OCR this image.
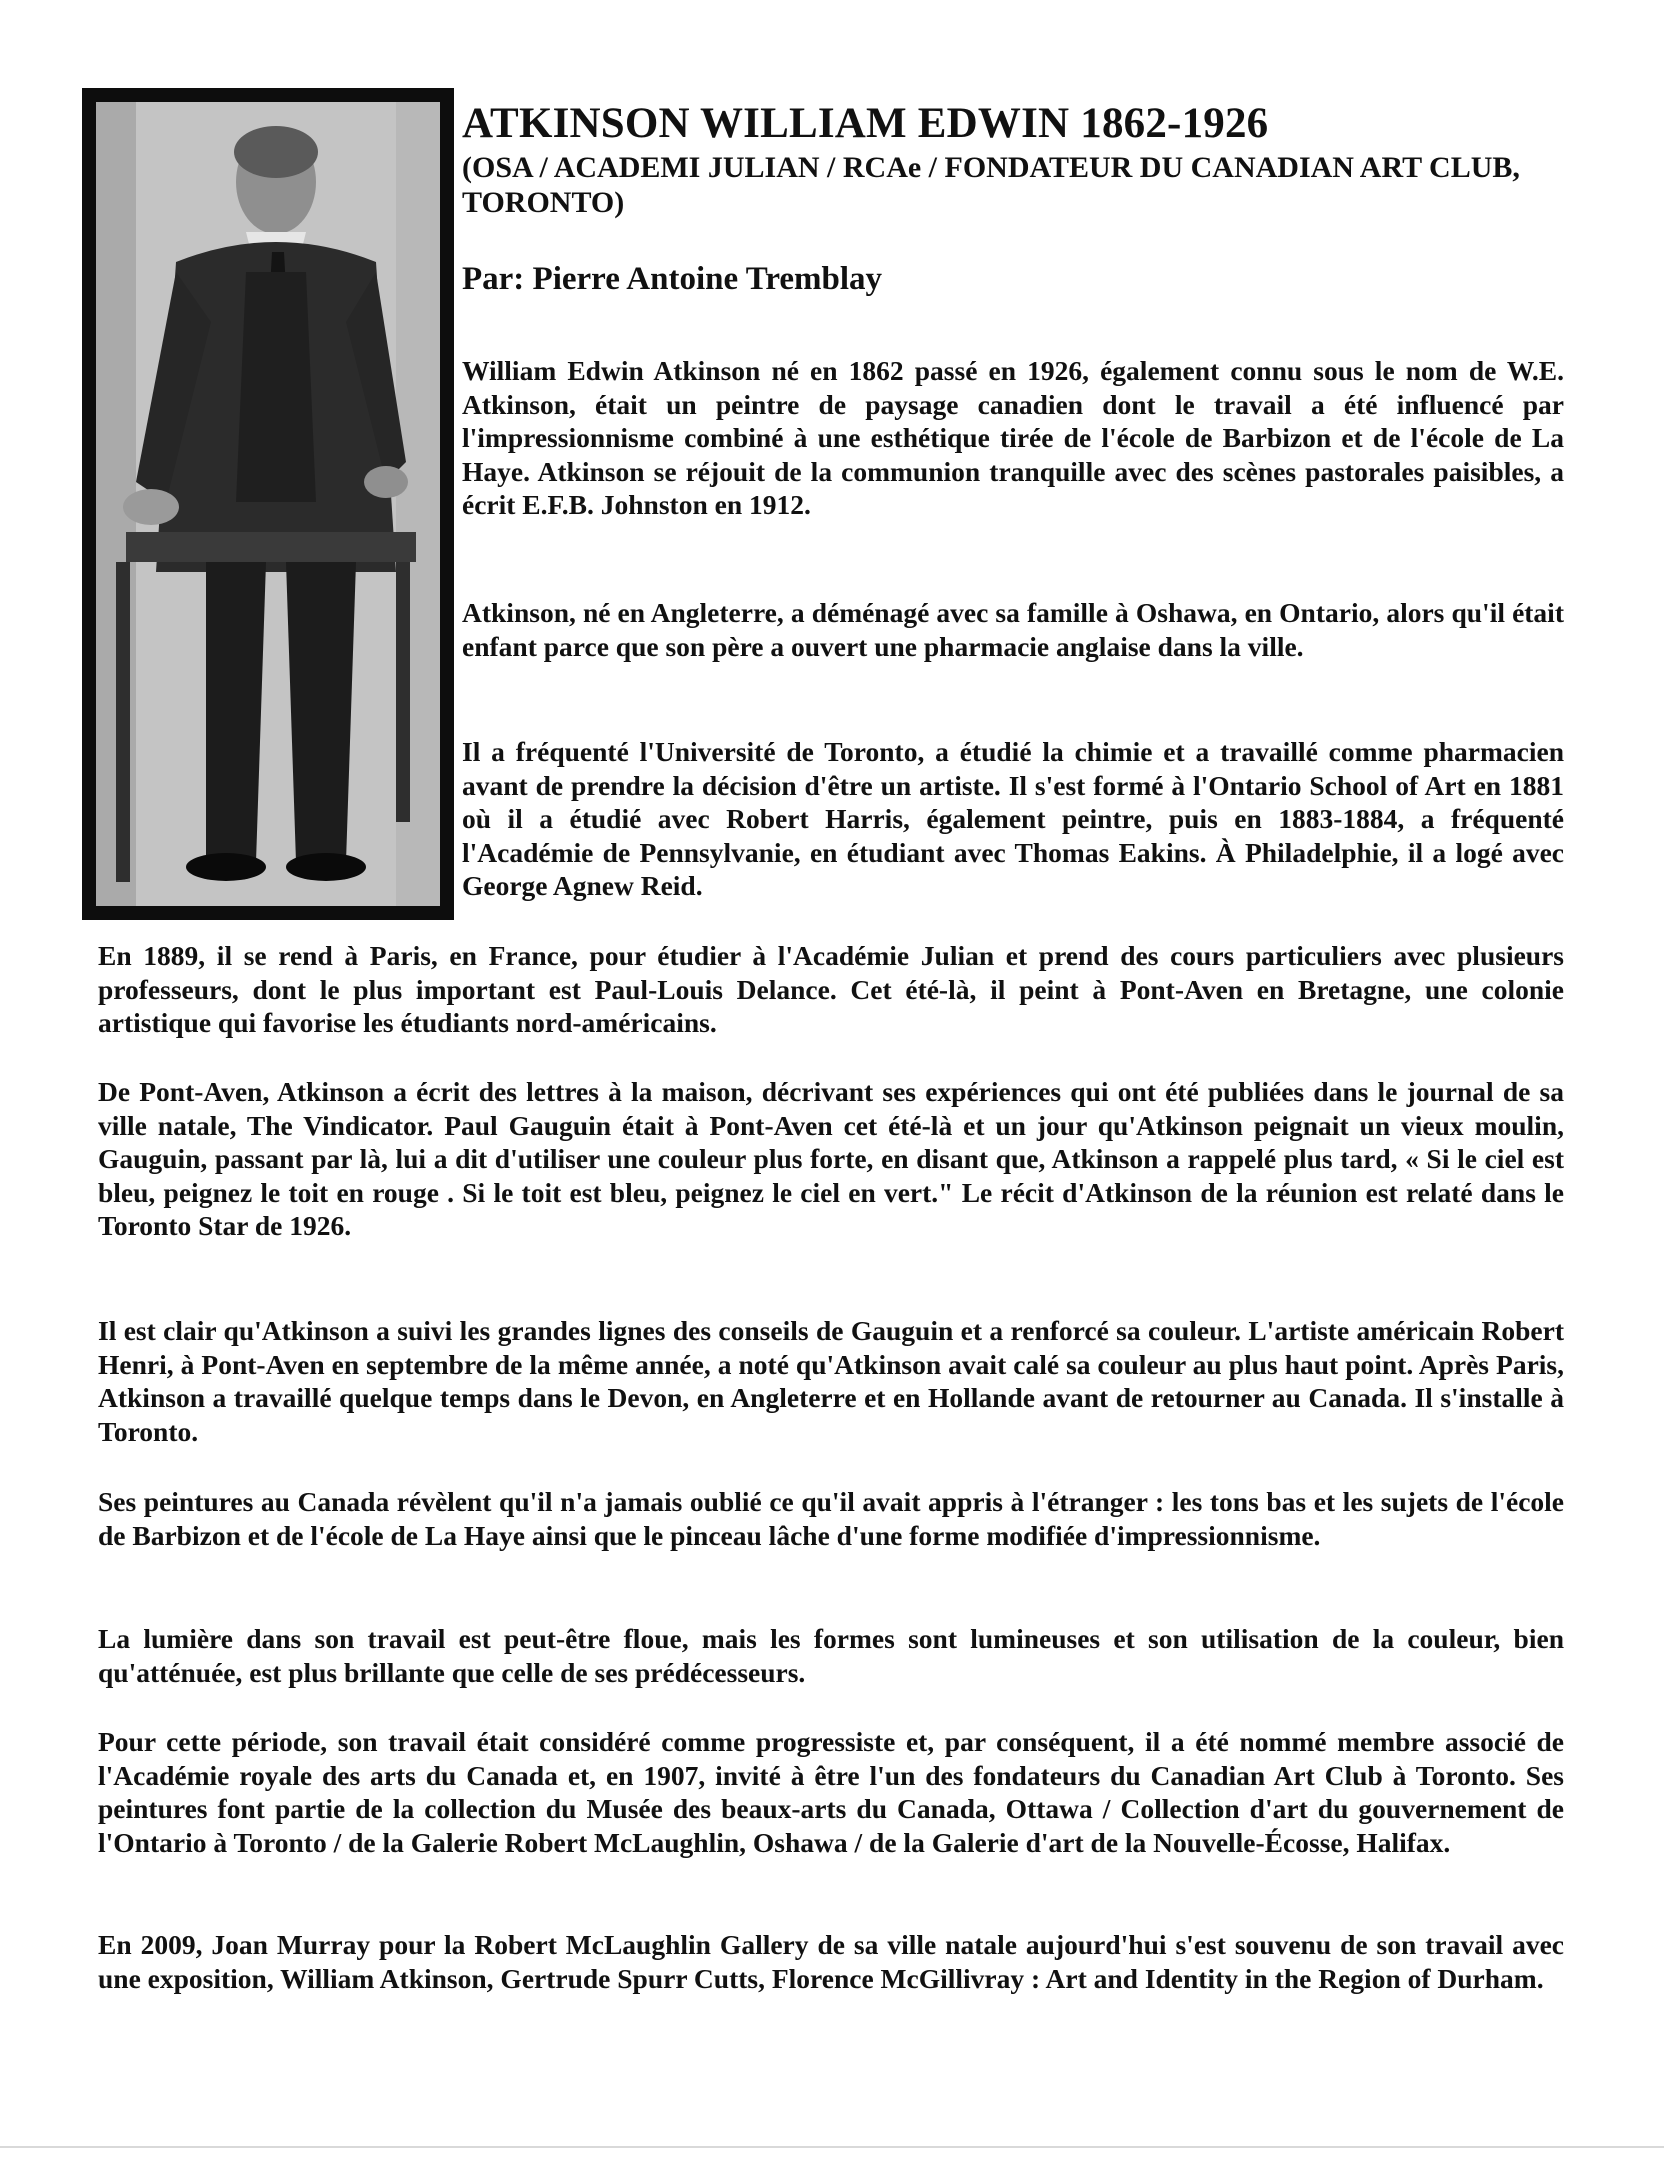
ATKINSON WILLIAM EDWIN 1862-1926

(OSA / ACADEMI JULIAN / RCAe / FONDATEUR DU CANADIAN ART CLUB, TORONTO)

Par: Pierre Antoine Tremblay

William Edwin Atkinson né en 1862 passé en 1926, également connu sous le nom de W.E. Atkinson, était un peintre de paysage canadien dont le travail a été influencé par l'impressionnisme combiné à une esthétique tirée de l'école de Barbizon et de l'école de La Haye. Atkinson se réjouit de la communion tranquille avec des scènes pastorales paisibles, a écrit E.F.B. Johnston en 1912.

Atkinson, né en Angleterre, a déménagé avec sa famille à Oshawa, en Ontario, alors qu'il était enfant parce que son père a ouvert une pharmacie anglaise dans la ville.

Il a fréquenté l'Université de Toronto, a étudié la chimie et a travaillé comme pharmacien avant de prendre la décision d'être un artiste. Il s'est formé à l'Ontario School of Art en 1881 où il a étudié avec Robert Harris, également peintre, puis en 1883-1884, a fréquenté l'Académie de Pennsylvanie, en étudiant avec Thomas Eakins. À Philadelphie, il a logé avec George Agnew Reid.

En 1889, il se rend à Paris, en France, pour étudier à l'Académie Julian et prend des cours particuliers avec plusieurs professeurs, dont le plus important est Paul-Louis Delance. Cet été-là, il peint à Pont-Aven en Bretagne, une colonie artistique qui favorise les étudiants nord-américains.

De Pont-Aven, Atkinson a écrit des lettres à la maison, décrivant ses expériences qui ont été publiées dans le journal de sa ville natale, The Vindicator. Paul Gauguin était à Pont-Aven cet été-là et un jour qu'Atkinson peignait un vieux moulin, Gauguin, passant par là, lui a dit d'utiliser une couleur plus forte, en disant que, Atkinson a rappelé plus tard, « Si le ciel est bleu, peignez le toit en rouge . Si le toit est bleu, peignez le ciel en vert." Le récit d'Atkinson de la réunion est relaté dans le Toronto Star de 1926.

Il est clair qu'Atkinson a suivi les grandes lignes des conseils de Gauguin et a renforcé sa couleur. L'artiste américain Robert Henri, à Pont-Aven en septembre de la même année, a noté qu'Atkinson avait calé sa couleur au plus haut point. Après Paris, Atkinson a travaillé quelque temps dans le Devon, en Angleterre et en Hollande avant de retourner au Canada. Il s'installe à Toronto.

Ses peintures au Canada révèlent qu'il n'a jamais oublié ce qu'il avait appris à l'étranger : les tons bas et les sujets de l'école de Barbizon et de l'école de La Haye ainsi que le pinceau lâche d'une forme modifiée d'impressionnisme.

La lumière dans son travail est peut-être floue, mais les formes sont lumineuses et son utilisation de la couleur, bien qu'atténuée, est plus brillante que celle de ses prédécesseurs.

Pour cette période, son travail était considéré comme progressiste et, par conséquent, il a été nommé membre associé de l'Académie royale des arts du Canada et, en 1907, invité à être l'un des fondateurs du Canadian Art Club à Toronto. Ses peintures font partie de la collection du Musée des beaux-arts du Canada, Ottawa / Collection d'art du gouvernement de l'Ontario à Toronto / de la Galerie Robert McLaughlin, Oshawa / de la Galerie d'art de la Nouvelle-Écosse, Halifax.

En 2009, Joan Murray pour la Robert McLaughlin Gallery de sa ville natale aujourd'hui s'est souvenu de son travail avec une exposition, William Atkinson, Gertrude Spurr Cutts, Florence McGillivray : Art and Identity in the Region of Durham.
